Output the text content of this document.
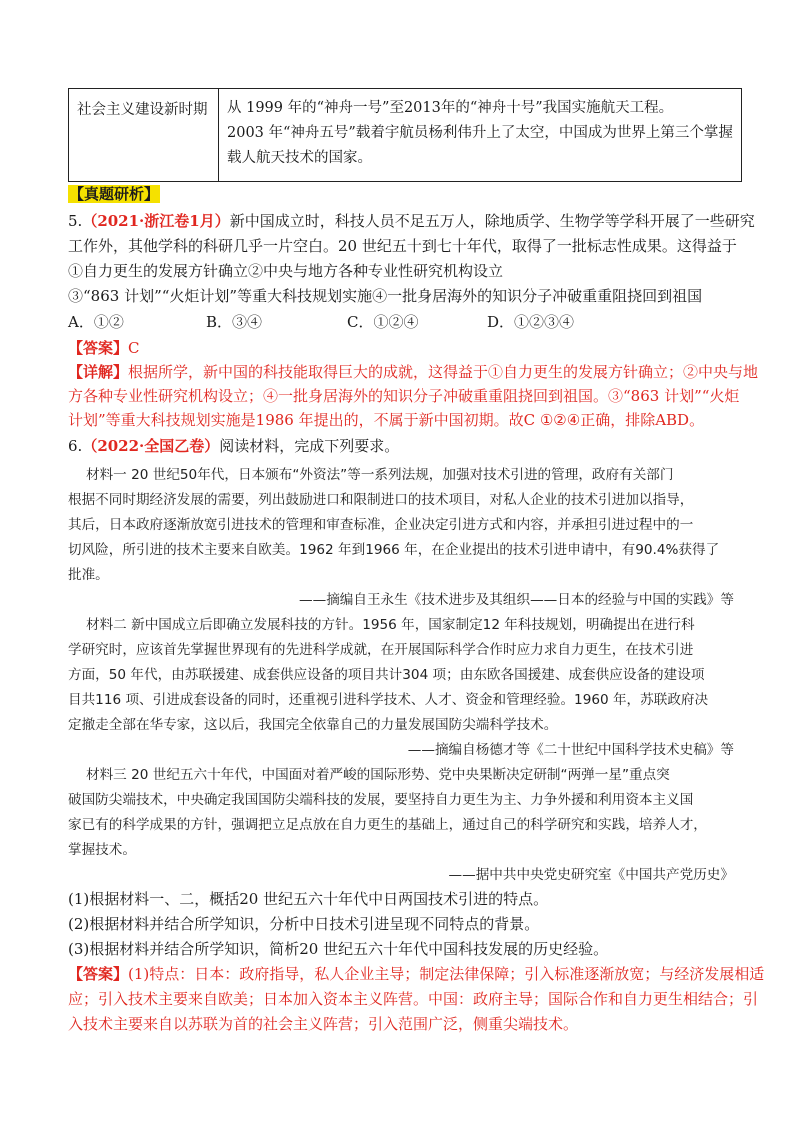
社会主义建设新时期	从 1999 年的“神舟一号”至2013年的“神舟十号”我国实施航天工程。
2003 年“神舟五号”载着宇航员杨利伟升上了太空，中国成为世界上第三个掌握
载人航天技术的国家。
【真题研析】
5.（2021·浙江卷1月）新中国成立时，科技人员不足五万人，除地质学、生物学等学科开展了一些研究
工作外，其他学科的科研几乎一片空白。20 世纪五十到七十年代，取得了一批标志性成果。这得益于
①自力更生的发展方针确立②中央与地方各种专业性研究机构设立
③“863 计划”“火炬计划”等重大科技规划实施④一批身居海外的知识分子冲破重重阻挠回到祖国
A．①②	B．③④	C．①②④	D．①②③④
【答案】C
【详解】根据所学，新中国的科技能取得巨大的成就，这得益于①自力更生的发展方针确立；②中央与地
方各种专业性研究机构设立；④一批身居海外的知识分子冲破重重阻挠回到祖国。③“863 计划”“火炬
计划”等重大科技规划实施是1986 年提出的，不属于新中国初期。故C ①②④正确，排除ABD。
6.（2022·全国乙卷）阅读材料，完成下列要求。
材料一 20 世纪50年代，日本颁布“外资法”等一系列法规，加强对技术引进的管理，政府有关部门
根据不同时期经济发展的需要，列出鼓励进口和限制进口的技术项目，对私人企业的技术引进加以指导，
其后，日本政府逐渐放宽引进技术的管理和审查标准，企业决定引进方式和内容，并承担引进过程中的一
切风险，所引进的技术主要来自欧美。1962 年到1966 年，在企业提出的技术引进申请中，有90.4%获得了
批准。
——摘编自王永生《技术进步及其组织——日本的经验与中国的实践》等
材料二 新中国成立后即确立发展科技的方针。1956 年，国家制定12 年科技规划，明确提出在进行科
学研究时，应该首先掌握世界现有的先进科学成就，在开展国际科学合作时应力求自力更生，在技术引进
方面，50 年代，由苏联援建、成套供应设备的项目共计304 项；由东欧各国援建、成套供应设备的建设项
目共116 项、引进成套设备的同时，还重视引进科学技术、人才、资金和管理经验。1960 年，苏联政府决
定撤走全部在华专家，这以后，我国完全依靠自己的力量发展国防尖端科学技术。
——摘编自杨德才等《二十世纪中国科学技术史稿》等
材料三 20 世纪五六十年代，中国面对着严峻的国际形势、党中央果断决定研制“两弹一星”重点突
破国防尖端技术，中央确定我国国防尖端科技的发展，要坚持自力更生为主、力争外援和利用资本主义国
家已有的科学成果的方针，强调把立足点放在自力更生的基础上，通过自己的科学研究和实践，培养人才，
掌握技术。
——据中共中央党史研究室《中国共产党历史》
(1)根据材料一、二，概括20 世纪五六十年代中日两国技术引进的特点。
(2)根据材料并结合所学知识，分析中日技术引进呈现不同特点的背景。
(3)根据材料并结合所学知识，简析20 世纪五六十年代中国科技发展的历史经验。
【答案】(1)特点：日本：政府指导，私人企业主导；制定法律保障；引入标准逐渐放宽；与经济发展相适
应；引入技术主要来自欧美；日本加入资本主义阵营。中国：政府主导；国际合作和自力更生相结合；引
入技术主要来自以苏联为首的社会主义阵营；引入范围广泛，侧重尖端技术。
